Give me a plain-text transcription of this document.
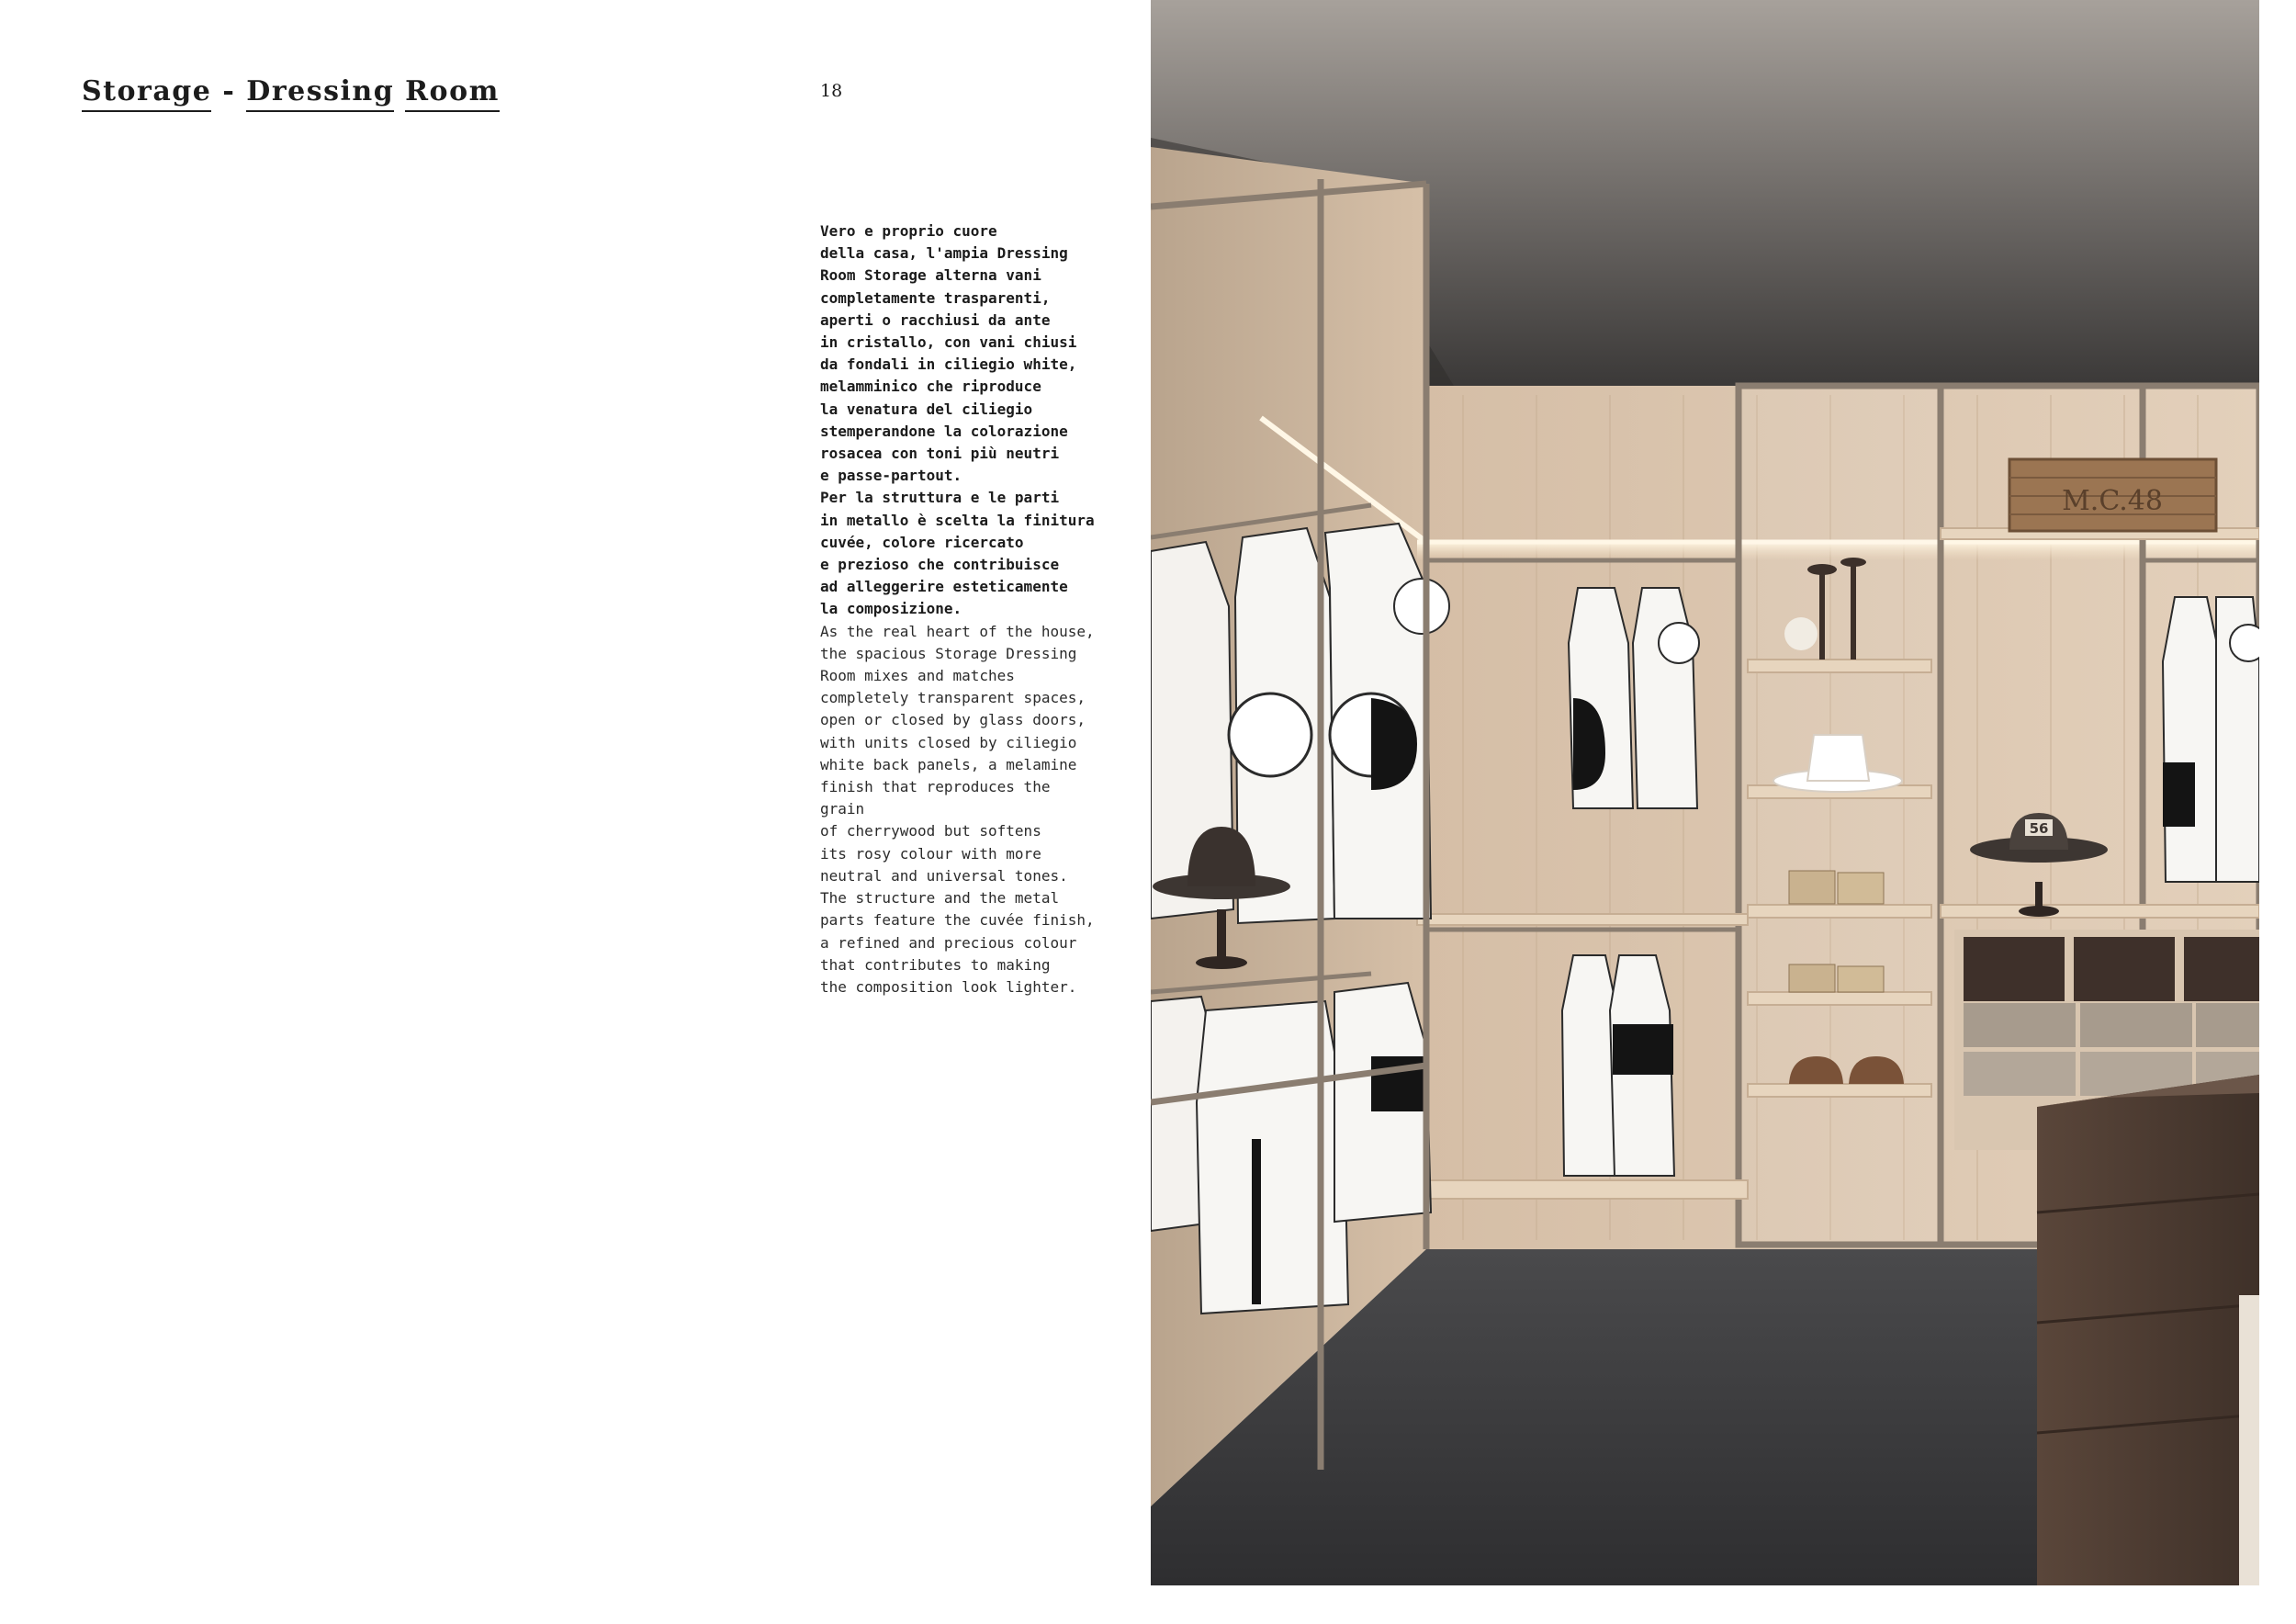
Storage - Dressing Room	18

Vero e proprio cuore
della casa, l'ampia Dressing
Room Storage alterna vani
completamente trasparenti,
aperti o racchiusi da ante
in cristallo, con vani chiusi
da fondali in ciliegio white,
melamminico che riproduce
la venatura del ciliegio
stemperandone la colorazione
rosacea con toni più neutri
e passe-partout.
Per la struttura e le parti
in metallo è scelta la finitura
cuvée, colore ricercato
e prezioso che contribuisce
ad alleggerire esteticamente
la composizione.

As the real heart of the house,
the spacious Storage Dressing
Room mixes and matches
completely transparent spaces,
open or closed by glass doors,
with units closed by ciliegio
white back panels, a melamine
finish that reproduces the grain
of cherrywood but softens
its rosy colour with more
neutral and universal tones.
The structure and the metal
parts feature the cuvée finish,
a refined and precious colour
that contributes to making
the composition look lighter.

M.C.48
56
